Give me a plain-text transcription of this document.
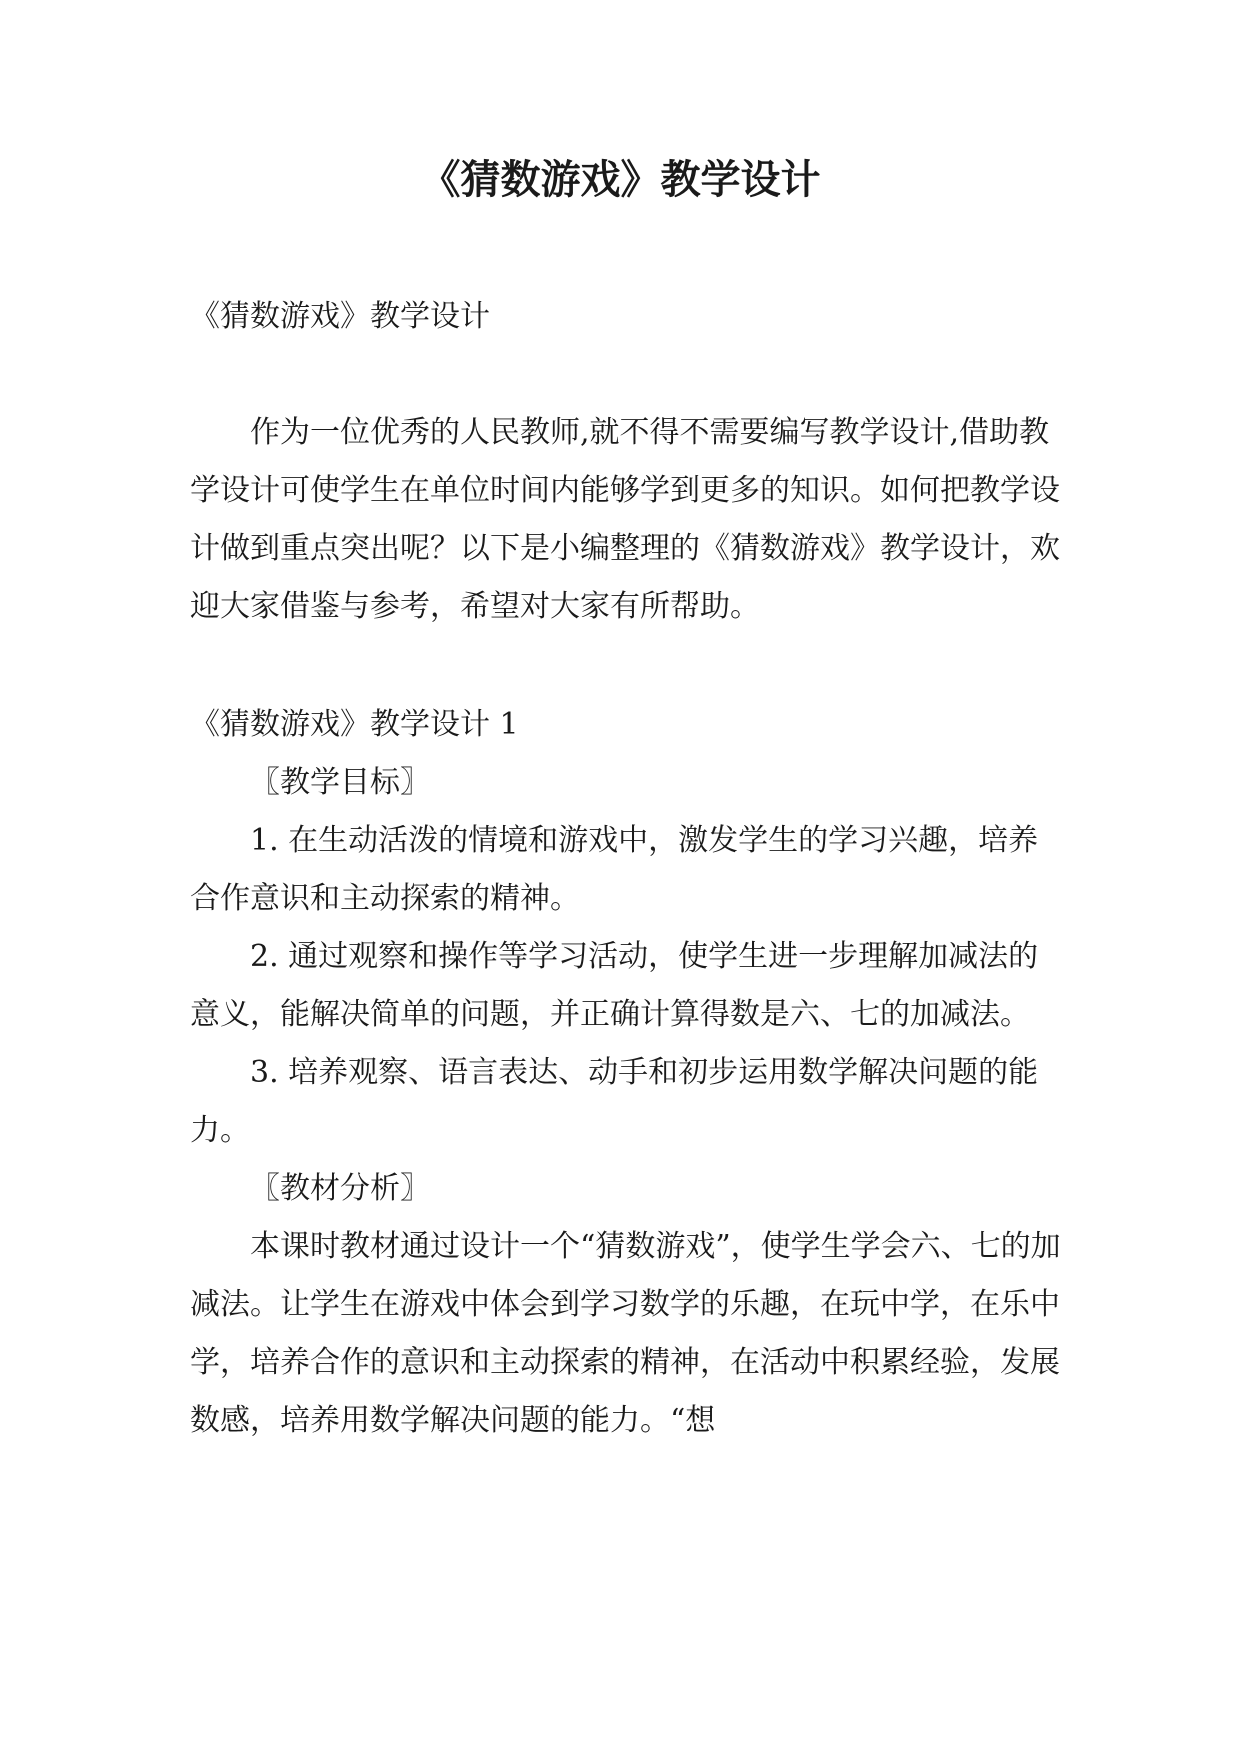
《猜数游戏》教学设计

《猜数游戏》教学设计

作为一位优秀的人民教师,就不得不需要编写教学设计,借助教学设计可使学生在单位时间内能够学到更多的知识。如何把教学设计做到重点突出呢？以下是小编整理的《猜数游戏》教学设计，欢迎大家借鉴与参考，希望对大家有所帮助。

《猜数游戏》教学设计 1

〖教学目标〗

1. 在生动活泼的情境和游戏中，激发学生的学习兴趣，培养合作意识和主动探索的精神。

2. 通过观察和操作等学习活动，使学生进一步理解加减法的意义，能解决简单的问题，并正确计算得数是六、七的加减法。

3. 培养观察、语言表达、动手和初步运用数学解决问题的能力。

〖教材分析〗

本课时教材通过设计一个“猜数游戏”，使学生学会六、七的加减法。让学生在游戏中体会到学习数学的乐趣，在玩中学，在乐中学，培养合作的意识和主动探索的精神，在活动中积累经验，发展数感，培养用数学解决问题的能力。“想
